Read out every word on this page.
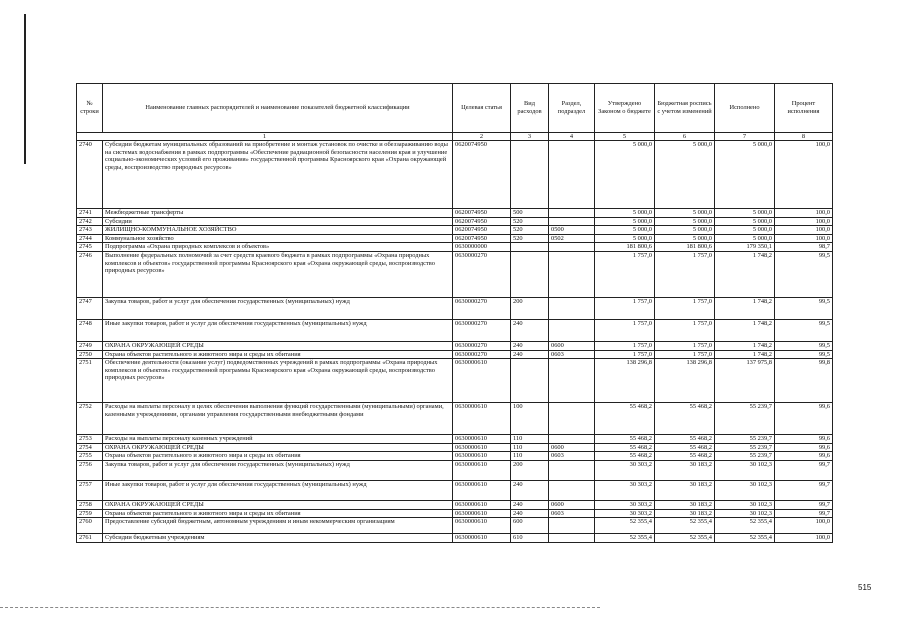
№ строки	Наименование главных распорядителей и наименование показателей бюджетной классификации	Целевая статья	Вид расходов	Раздел, подраздел	Утверждено Законом о бюджете	Бюджетная роспись с учетом изменений	Исполнено	Процент исполнения
1		2	3	4	5	6	7	8
2740	Субсидии бюджетам муниципальных образований на приобретение и монтаж установок по очистке и обеззараживанию воды на системах водоснабжения в рамках подпрограммы «Обеспечение радиационной безопасности населения края и улучшение социально-экономических условий его проживания» государственной программы Красноярского края «Охрана окружающей среды, воспроизводство природных ресурсов»	0620074950			5 000,0	5 000,0	5 000,0	100,0
2741	Межбюджетные трансферты	0620074950	500		5 000,0	5 000,0	5 000,0	100,0
2742	Субсидии	0620074950	520		5 000,0	5 000,0	5 000,0	100,0
2743	ЖИЛИЩНО-КОММУНАЛЬНОЕ ХОЗЯЙСТВО	0620074950	520	0500	5 000,0	5 000,0	5 000,0	100,0
2744	Коммунальное хозяйство	0620074950	520	0502	5 000,0	5 000,0	5 000,0	100,0
2745	Подпрограмма «Охрана природных комплексов и объектов»	0630000000			181 800,6	181 800,6	179 350,1	98,7
2746	Выполнение федеральных полномочий за счет средств краевого бюджета в рамках подпрограммы «Охрана природных комплексов и объектов» государственной программы Красноярского края «Охрана окружающей среды, воспроизводство природных ресурсов»	0630000270			1 757,0	1 757,0	1 748,2	99,5
2747	Закупка товаров, работ и услуг для обеспечения государственных (муниципальных) нужд	0630000270	200		1 757,0	1 757,0	1 748,2	99,5
2748	Иные закупки товаров, работ и услуг для обеспечения государственных (муниципальных) нужд	0630000270	240		1 757,0	1 757,0	1 748,2	99,5
2749	ОХРАНА ОКРУЖАЮЩЕЙ СРЕДЫ	0630000270	240	0600	1 757,0	1 757,0	1 748,2	99,5
2750	Охрана объектов растительного и животного мира и среды их обитания	0630000270	240	0603	1 757,0	1 757,0	1 748,2	99,5
2751	Обеспечение деятельности (оказание услуг) подведомственных учреждений в рамках подпрограммы «Охрана природных комплексов и объектов» государственной программы Красноярского края «Охрана окружающей среды, воспроизводство природных ресурсов»	0630000610			138 296,8	138 296,8	137 975,8	99,8
2752	Расходы на выплаты персоналу в целях обеспечения выполнения функций государственными (муниципальными) органами, казенными учреждениями, органами управления государственными внебюджетными фондами	0630000610	100		55 468,2	55 468,2	55 239,7	99,6
2753	Расходы на выплаты персоналу казенных учреждений	0630000610	110		55 468,2	55 468,2	55 239,7	99,6
2754	ОХРАНА ОКРУЖАЮЩЕЙ СРЕДЫ	0630000610	110	0600	55 468,2	55 468,2	55 239,7	99,6
2755	Охрана объектов растительного и животного мира и среды их обитания	0630000610	110	0603	55 468,2	55 468,2	55 239,7	99,6
2756	Закупка товаров, работ и услуг для обеспечения государственных (муниципальных) нужд	0630000610	200		30 303,2	30 183,2	30 102,3	99,7
2757	Иные закупки товаров, работ и услуг для обеспечения государственных (муниципальных) нужд	0630000610	240		30 303,2	30 183,2	30 102,3	99,7
2758	ОХРАНА ОКРУЖАЮЩЕЙ СРЕДЫ	0630000610	240	0600	30 303,2	30 183,2	30 102,3	99,7
2759	Охрана объектов растительного и животного мира и среды их обитания	0630000610	240	0603	30 303,2	30 183,2	30 102,3	99,7
2760	Предоставление субсидий бюджетным, автономным учреждениям и иным некоммерческим организациям	0630000610	600		52 355,4	52 355,4	52 355,4	100,0
2761	Субсидии бюджетным учреждениям	0630000610	610		52 355,4	52 355,4	52 355,4	100,0
515
